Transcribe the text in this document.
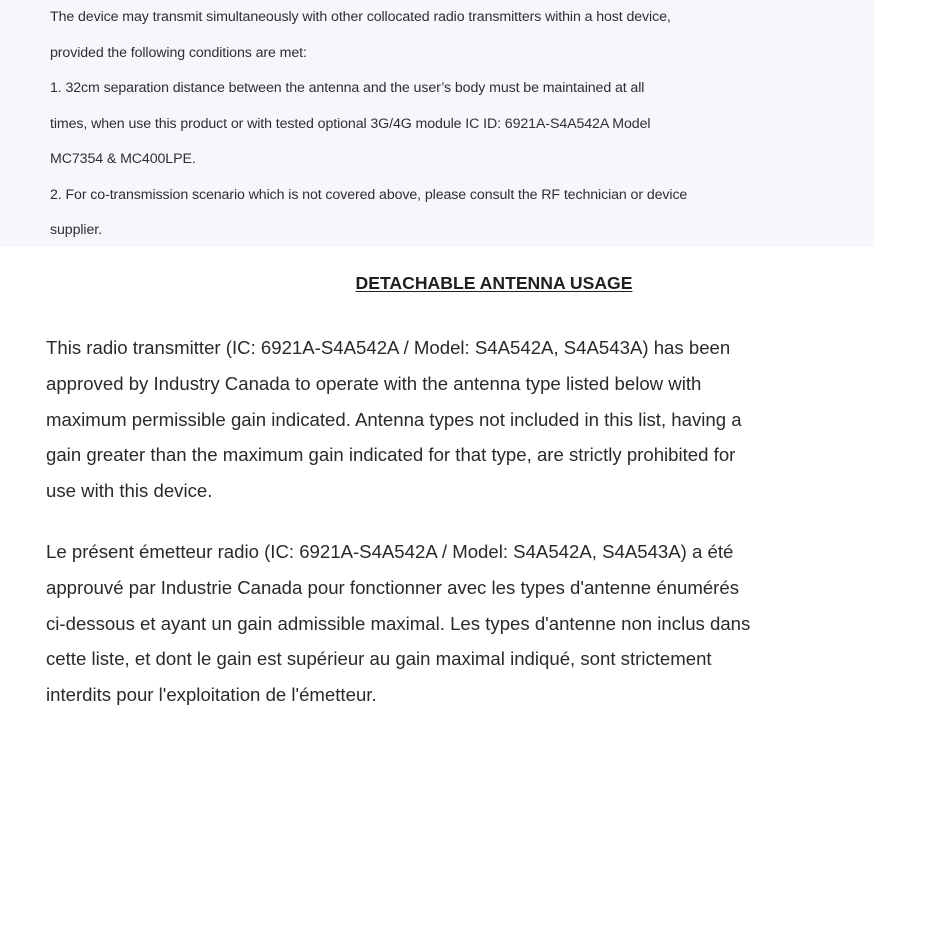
The device may transmit simultaneously with other collocated radio transmitters within a host device,

provided the following conditions are met:

1. 32cm separation distance between the antenna and the user’s body must be maintained at all

times, when use this product or with tested optional 3G/4G module IC ID: 6921A-S4A542A Model

MC7354 & MC400LPE.

2. For co-transmission scenario which is not covered above, please consult the RF technician or device

supplier.

DETACHABLE ANTENNA USAGE

This radio transmitter (IC: 6921A-S4A542A / Model: S4A542A, S4A543A) has been

approved by Industry Canada to operate with the antenna type listed below with

maximum permissible gain indicated. Antenna types not included in this list, having a

gain greater than the maximum gain indicated for that type, are strictly prohibited for

use with this device.

Le présent émetteur radio (IC: 6921A-S4A542A / Model: S4A542A, S4A543A) a été

approuvé par Industrie Canada pour fonctionner avec les types d'antenne énumérés

ci-dessous et ayant un gain admissible maximal. Les types d'antenne non inclus dans

cette liste, et dont le gain est supérieur au gain maximal indiqué, sont strictement

interdits pour l'exploitation de l'émetteur.
